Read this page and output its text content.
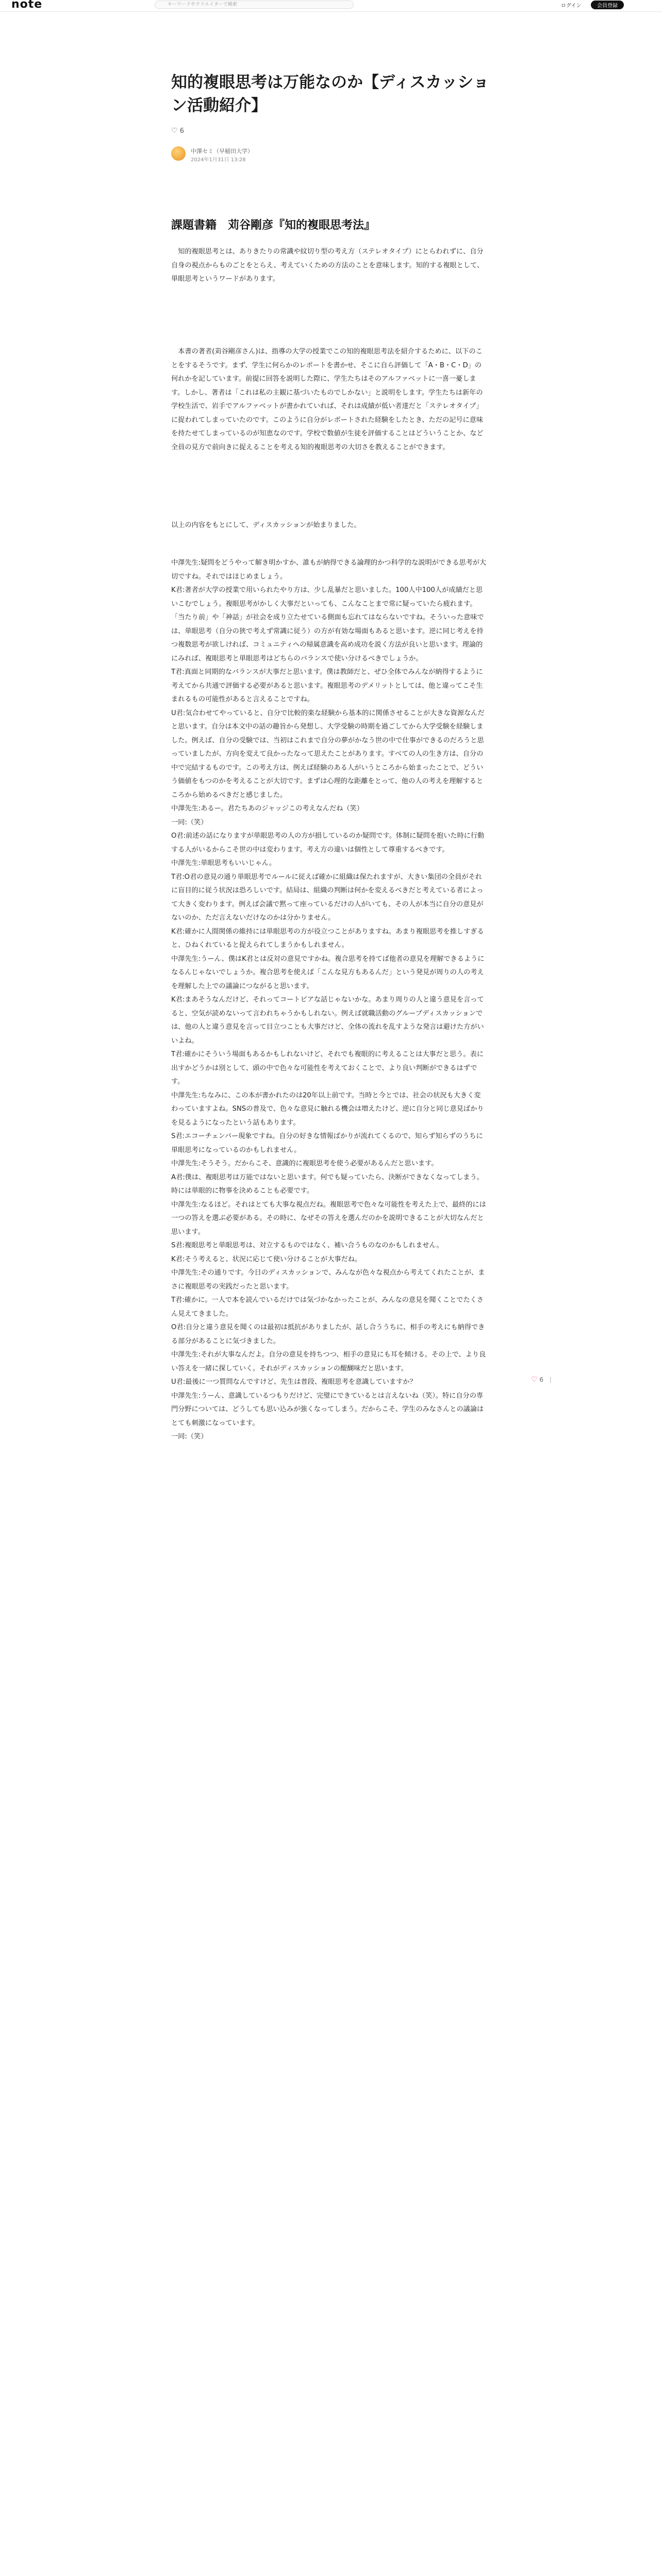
note	キーワードやクリエイターで検索	ログイン	会員登録
知的複眼思考は万能なのか【ディスカッション活動紹介】
♡ 6
中澤セミ（早稲田大学）
2024年1月31日 13:28
課題書籍　苅谷剛彦『知的複眼思考法』
　知的複眼思考とは、ありきたりの常識や紋切り型の考え方（ステレオタイプ）にとらわれずに、自分自身の視点からものごとをとらえ、考えていくための方法のことを意味します。知的する複眼として、単眼思考というワードがあります。
　本書の著者(苅谷剛彦さん)は、指導の大学の授業でこの知的複眼思考法を紹介するために、以下のことをするそうです。まず、学生に何らかのレポートを書かせ、そこに自ら評価して「A・B・C・D」の何れかを記しています。前提に回答を説明した際に、学生たちはそのアルファベットに一喜一憂します。しかし、著者は「これは私の主観に基づいたものでしかない」と説明をします。学生たちは新年の学校生活で、岩手でアルファベットが書かれていれば、それは成績が低い者達だと「ステレオタイプ」に捉われてしまっていたのです。このように自分がレポートされた経験をしたとき、ただの記号に意味を持たせてしまっているのが知恵なのです。学校で数値が生徒を評価することはどういうことか、など全員の見方で前向きに捉えることを考える知的複眼思考の大切さを教えることができます。
以上の内容をもとにして、ディスカッションが始まりました。
中澤先生:疑問をどうやって解き明かすか、誰もが納得できる論理的かつ科学的な説明ができる思考が大切ですね。それではほじめましょう。
K君:著者が大学の授業で用いられたやり方は、少し乱暴だと思いました。100人中100人が成績だと思いこむでしょう。複眼思考がかしく大事だといっても、こんなことまで常に疑っていたら疲れます。「当たり前」や「神話」が社会を成り立たせている側面も忘れてはならないですね。そういった意味では、単眼思考（自分の狭で考えず常識に従う）の方が有効な場面もあると思います。逆に同じ考えを持つ複数思考が欲しければ、コミュニティへの帰属意識を高め成功を説く方法が良いと思います。理論的にみれば、複眼思考と単眼思考はどちらのバランスで使い分けるべきでしょうか。
T君:真面と同期的なバランスが大事だと思います。僕は教師だと、ぜひ全体でみんなが納得するように考えてから共通で評価する必要があると思います。複眼思考のデメリットとしては、他と違ってこそ生まれるもの可能性があると言えることですね。
U君:気合わせてやっていると、自分で比較的楽な経験から基本的に関係させることが大きな資源なんだと思います。自分は本文中の話の趣旨から発想し、大学受験の時期を過ごしてから大学受験を経験しました。例えば、自分の受験では、当初はこれまで自分の夢がかなう世の中で仕事ができるのだろうと思っていましたが、方向を変えて良かったなって思えたことがあります。すべての人の生き方は、自分の中で完結するものです。この考え方は、例えば経験のある人がいうところから始まったことで、どういう価値をもつのかを考えることが大切です。まずは心理的な距離をとって、他の人の考えを理解するところから始めるべきだと感じました。
中澤先生:あるー。君たちあのジャッジこの考えなんだね（笑）
一同:（笑）
O君:前述の話になりますが単眼思考の人の方が損しているのか疑問です。体制に疑問を抱いた時に行動する人がいるからこそ世の中は変わります。考え方の違いは個性として尊重するべきです。
中澤先生:単眼思考もいいじゃん。
T君:O君の意見の通り単眼思考でルールに従えば確かに組織は保たれますが、大きい集団の全員がそれに盲目的に従う状況は恐ろしいです。結局は、組織の判断は何かを変えるべきだと考えている者によって大きく変わります。例えば会議で黙って座っているだけの人がいても、その人が本当に自分の意見がないのか、ただ言えないだけなのかは分かりません。
K君:確かに人間関係の維持には単眼思考の方が役立つことがありますね。あまり複眼思考を推しすぎると、ひねくれていると捉えられてしまうかもしれません。
中澤先生:うーん、僕はK君とは反対の意見ですかね。複合思考を持てば他者の意見を理解できるようになるんじゃないでしょうか。複合思考を使えば「こんな見方もあるんだ」という発見が周りの人の考えを理解した上での議論につながると思います。
K君:まあそうなんだけど、それってコートビアな話じゃないかな。あまり周りの人と違う意見を言ってると、空気が読めないって言われちゃうかもしれない。例えば就職活動のグループディスカッションでは、他の人と違う意見を言って目立つことも大事だけど、全体の流れを乱すような発言は避けた方がいいよね。
T君:確かにそういう場面もあるかもしれないけど、それでも複眼的に考えることは大事だと思う。表に出すかどうかは別として、頭の中で色々な可能性を考えておくことで、より良い判断ができるはずです。
中澤先生:ちなみに、この本が書かれたのは20年以上前です。当時と今とでは、社会の状況も大きく変わっていますよね。SNSの普及で、色々な意見に触れる機会は増えたけど、逆に自分と同じ意見ばかりを見るようになったという話もあります。
S君:エコーチェンバー現象ですね。自分の好きな情報ばかりが流れてくるので、知らず知らずのうちに単眼思考になっているのかもしれません。
中澤先生:そうそう。だからこそ、意識的に複眼思考を使う必要があるんだと思います。
A君:僕は、複眼思考は万能ではないと思います。何でも疑っていたら、決断ができなくなってしまう。時には単眼的に物事を決めることも必要です。
中澤先生:なるほど。それはとても大事な視点だね。複眼思考で色々な可能性を考えた上で、最終的には一つの答えを選ぶ必要がある。その時に、なぜその答えを選んだのかを説明できることが大切なんだと思います。
S君:複眼思考と単眼思考は、対立するものではなく、補い合うものなのかもしれません。
K君:そう考えると、状況に応じて使い分けることが大事だね。
中澤先生:その通りです。今日のディスカッションで、みんなが色々な視点から考えてくれたことが、まさに複眼思考の実践だったと思います。
T君:確かに。一人で本を読んでいるだけでは気づかなかったことが、みんなの意見を聞くことでたくさん見えてきました。
O君:自分と違う意見を聞くのは最初は抵抗がありましたが、話し合ううちに、相手の考えにも納得できる部分があることに気づきました。
中澤先生:それが大事なんだよ。自分の意見を持ちつつ、相手の意見にも耳を傾ける。その上で、より良い答えを一緒に探していく。それがディスカッションの醍醐味だと思います。
U君:最後に一つ質問なんですけど、先生は普段、複眼思考を意識していますか？
中澤先生:うーん、意識しているつもりだけど、完璧にできているとは言えないね（笑）。特に自分の専門分野については、どうしても思い込みが強くなってしまう。だからこそ、学生のみなさんとの議論はとても刺激になっています。
一同:（笑）
♡ 6 ⋮
